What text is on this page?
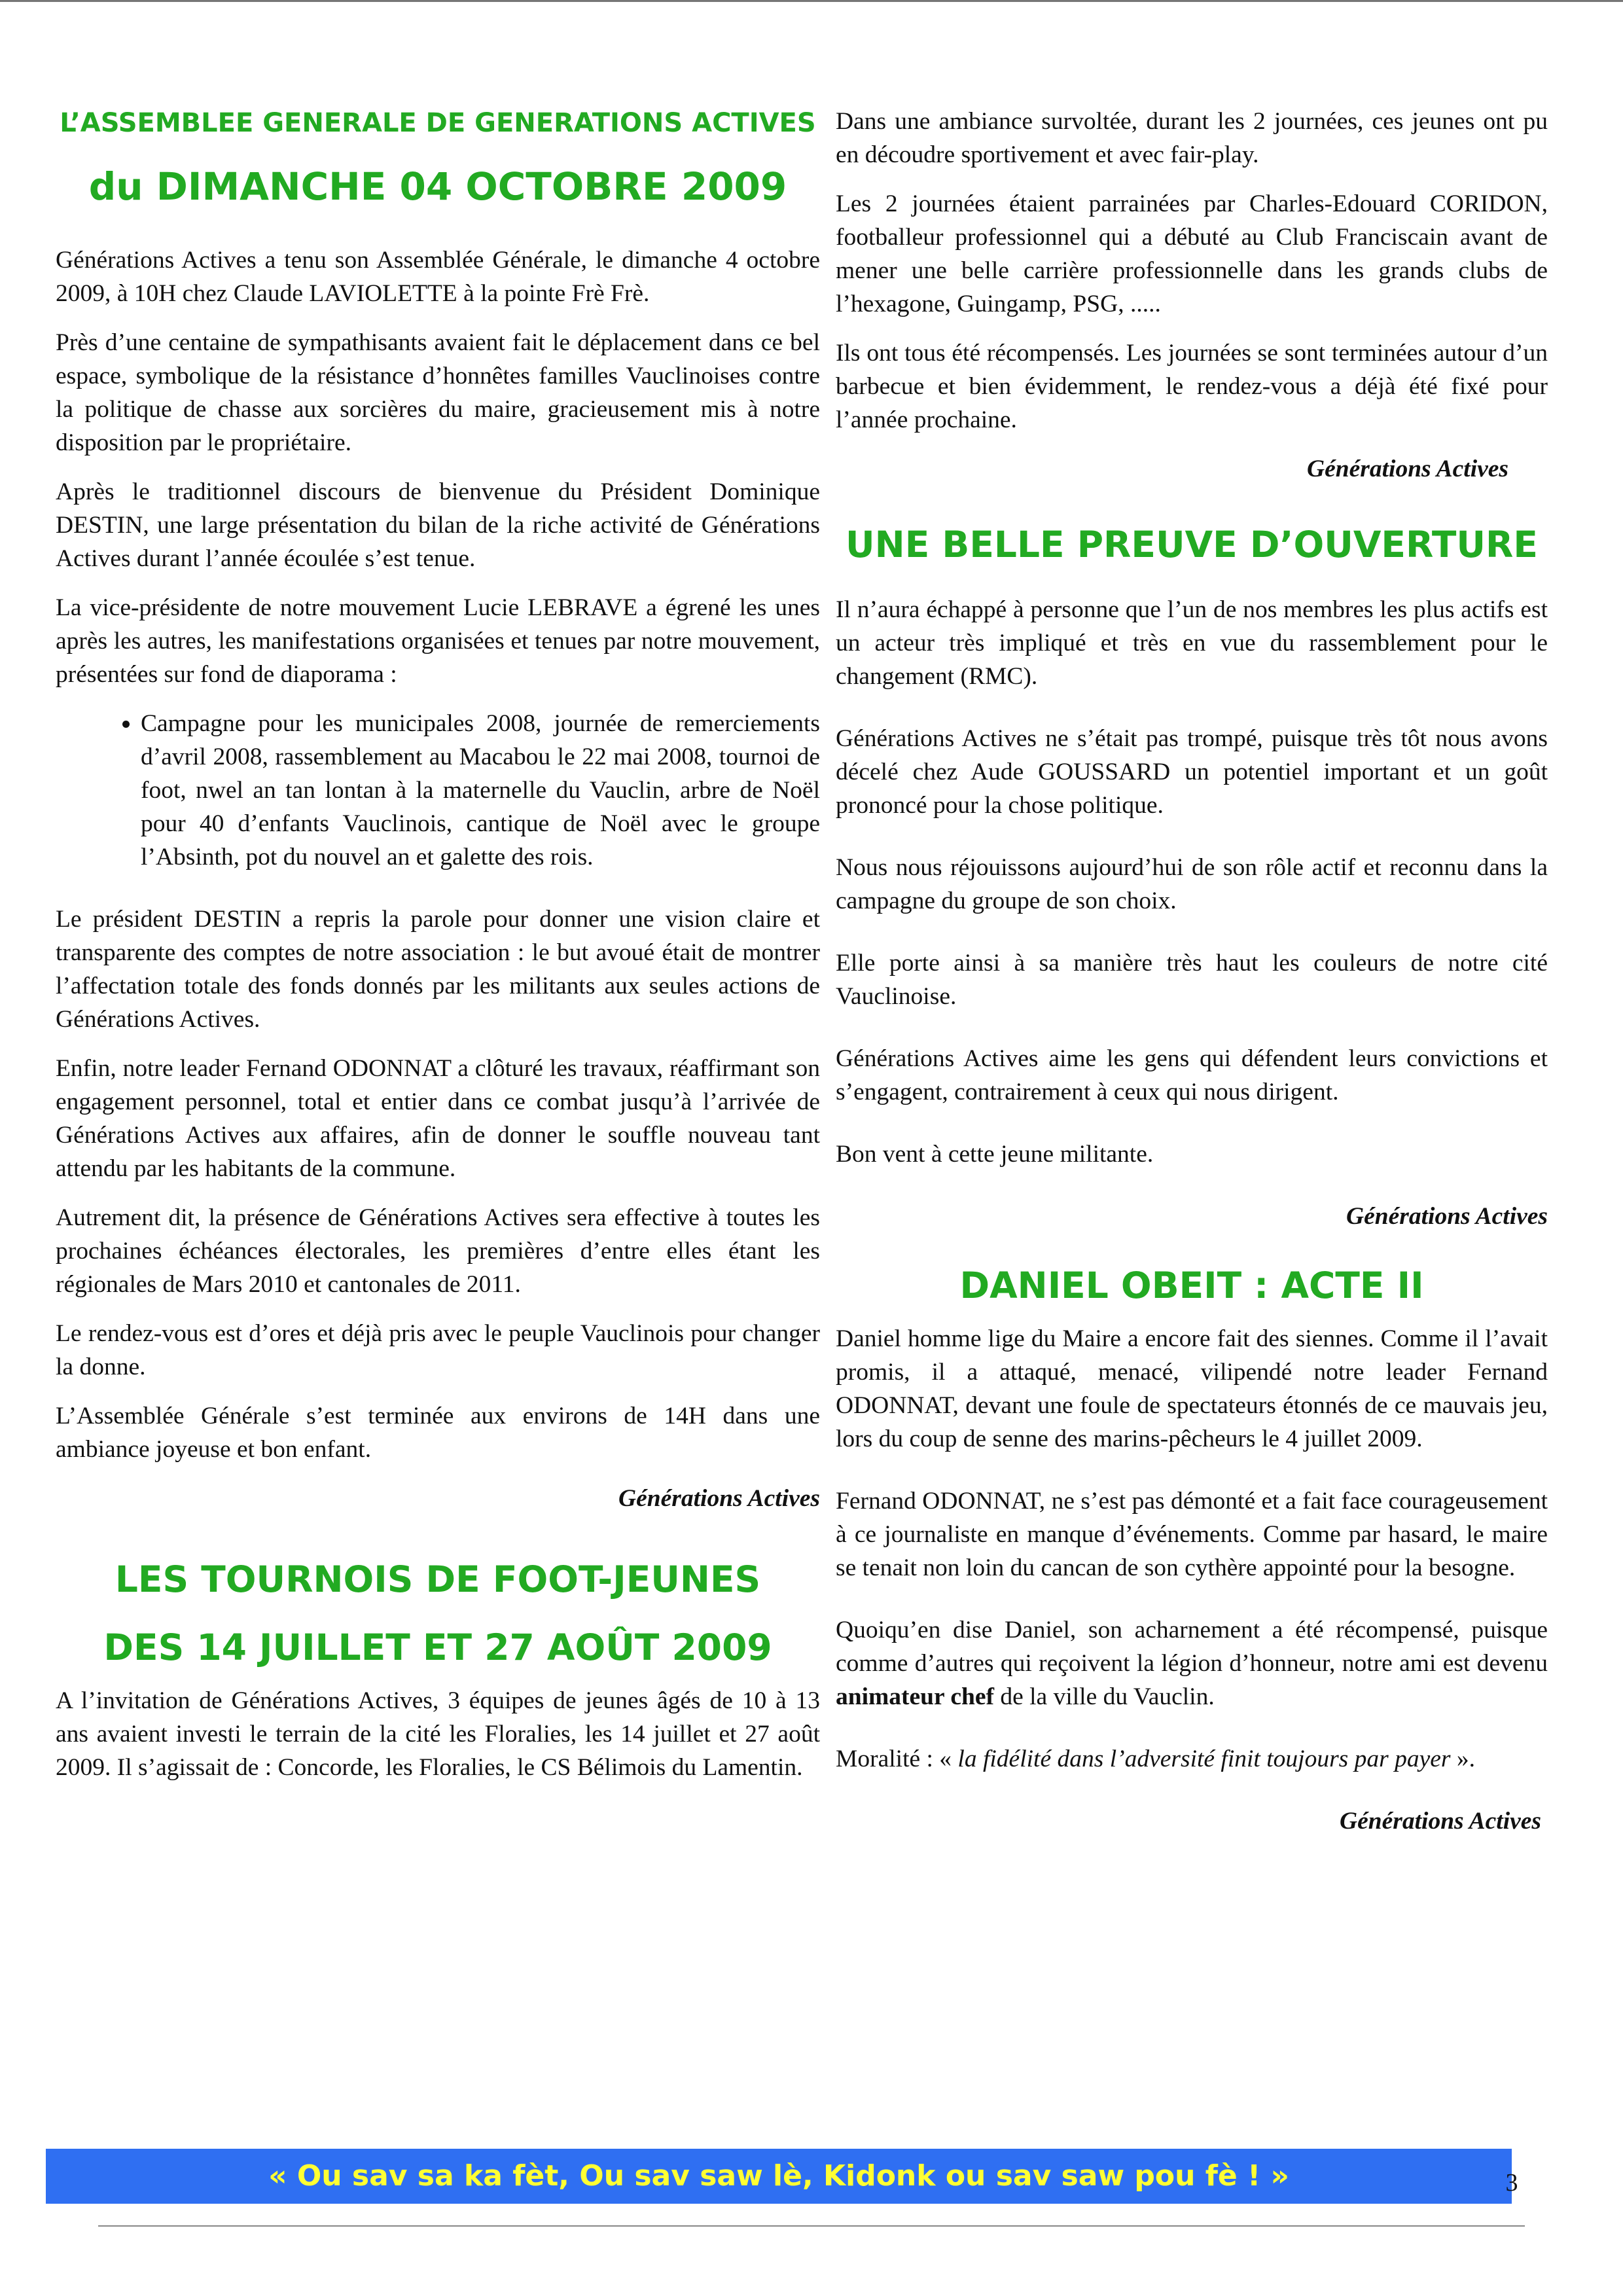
L’ASSEMBLEE GENERALE DE GENERATIONS ACTIVES
du DIMANCHE 04 OCTOBRE 2009

Générations Actives a tenu son Assemblée Générale, le dimanche 4 octobre 2009, à 10H chez Claude LAVIOLETTE à la pointe Frè Frè.

Près d’une centaine de sympathisants avaient fait le déplacement dans ce bel espace, symbolique de la résistance d’honnêtes familles Vauclinoises contre la politique de chasse aux sorcières du maire, gracieusement mis à notre disposition par le propriétaire.

Après le traditionnel discours de bienvenue du Président Dominique DESTIN, une large présentation du bilan de la riche activité de Générations Actives durant l’année écoulée s’est tenue.

La vice-présidente de notre mouvement Lucie LEBRAVE a égrené les unes après les autres, les manifestations organisées et tenues par notre mouvement, présentées sur fond de diaporama :

• Campagne pour les municipales 2008, journée de remerciements d’avril 2008, rassemblement au Macabou le 22 mai 2008, tournoi de foot, nwel an tan lontan à la maternelle du Vauclin, arbre de Noël pour 40 d’enfants Vauclinois, cantique de Noël avec le groupe l’Absinth, pot du nouvel an et galette des rois.

Le président DESTIN a repris la parole pour donner une vision claire et transparente des comptes de notre association : le but avoué était de montrer l’affectation totale des fonds donnés par les militants aux seules actions de Générations Actives.

Enfin, notre leader Fernand ODONNAT a clôturé les travaux, réaffirmant son engagement personnel, total et entier dans ce combat jusqu’à l’arrivée de Générations Actives aux affaires, afin de donner le souffle nouveau tant attendu par les habitants de la commune.

Autrement dit, la présence de Générations Actives sera effective à toutes les prochaines échéances électorales, les premières d’entre elles étant les régionales de Mars 2010 et cantonales de 2011.

Le rendez-vous est d’ores et déjà pris avec le peuple Vauclinois pour changer la donne.

L’Assemblée Générale s’est terminée aux environs de 14H dans une ambiance joyeuse et bon enfant.

Générations Actives

LES TOURNOIS DE FOOT-JEUNES
DES 14 JUILLET ET 27 AOÛT 2009

A l’invitation de Générations Actives, 3 équipes de jeunes âgés de 10 à 13 ans avaient investi le terrain de la cité les Floralies, les 14 juillet et 27 août 2009. Il s’agissait de : Concorde, les Floralies, le CS Bélimois du Lamentin.

Dans une ambiance survoltée, durant les 2 journées, ces jeunes ont pu en découdre sportivement et avec fair-play.

Les 2 journées étaient parrainées par Charles-Edouard CORIDON, footballeur professionnel qui a débuté au Club Franciscain avant de mener une belle carrière professionnelle dans les grands clubs de l’hexagone, Guingamp, PSG, .....

Ils ont tous été récompensés. Les journées se sont terminées autour d’un barbecue et bien évidemment, le rendez-vous a déjà été fixé pour l’année prochaine.

Générations Actives

UNE BELLE PREUVE D’OUVERTURE

Il n’aura échappé à personne que l’un de nos membres les plus actifs est un acteur très impliqué et très en vue du rassemblement pour le changement (RMC).

Générations Actives ne s’était pas trompé, puisque très tôt nous avons décelé chez Aude GOUSSARD un potentiel important et un goût prononcé pour la chose politique.

Nous nous réjouissons aujourd’hui de son rôle actif et reconnu dans la campagne du groupe de son choix.

Elle porte ainsi à sa manière très haut les couleurs de notre cité Vauclinoise.

Générations Actives aime les gens qui défendent leurs convictions et s’engagent, contrairement à ceux qui nous dirigent.

Bon vent à cette jeune militante.

Générations Actives

DANIEL OBEIT : ACTE II

Daniel homme lige du Maire a encore fait des siennes. Comme il l’avait promis, il a attaqué, menacé, vilipendé notre leader Fernand ODONNAT, devant une foule de spectateurs étonnés de ce mauvais jeu, lors du coup de senne des marins-pêcheurs le 4 juillet 2009.

Fernand ODONNAT, ne s’est pas démonté et a fait face courageusement à ce journaliste en manque d’événements. Comme par hasard, le maire se tenait non loin du cancan de son cythère appointé pour la besogne.

Quoiqu’en dise Daniel, son acharnement a été récompensé, puisque comme d’autres qui reçoivent la légion d’honneur, notre ami est devenu animateur chef de la ville du Vauclin.

Moralité : « la fidélité dans l’adversité finit toujours par payer ».

Générations Actives

« Ou sav sa ka fèt, Ou sav saw lè, Kidonk ou sav saw pou fè ! »	3
